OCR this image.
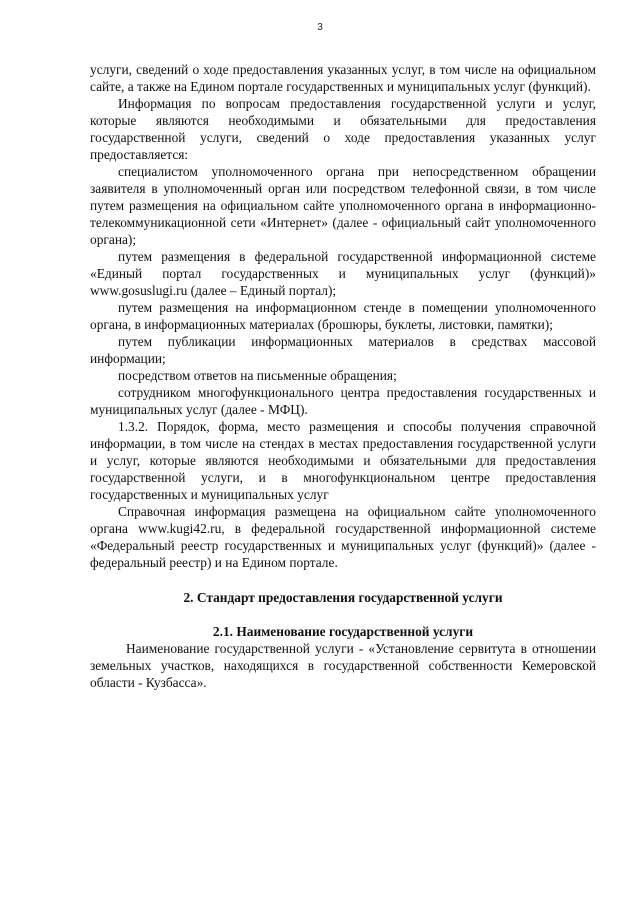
3

услуги, сведений о ходе предоставления указанных услуг, в том числе на официальном сайте, а также на Едином портале государственных и муниципальных услуг (функций).

Информация по вопросам предоставления государственной услуги и услуг, которые являются необходимыми и обязательными для предоставления государственной услуги, сведений о ходе предоставления указанных услуг предоставляется:

специалистом уполномоченного органа при непосредственном обращении заявителя в уполномоченный орган или посредством телефонной связи, в том числе путем размещения на официальном сайте уполномоченного органа в информационно-телекоммуникационной сети «Интернет» (далее - официальный сайт уполномоченного органа);

путем размещения в федеральной государственной информационной системе «Единый портал государственных и муниципальных услуг (функций)» www.gosuslugi.ru (далее – Единый портал);

путем размещения на информационном стенде в помещении уполномоченного органа, в информационных материалах (брошюры, буклеты, листовки, памятки);

путем публикации информационных материалов в средствах массовой информации;

посредством ответов на письменные обращения;

сотрудником многофункционального центра предоставления государственных и муниципальных услуг (далее - МФЦ).

1.3.2. Порядок, форма, место размещения и способы получения справочной информации, в том числе на стендах в местах предоставления государственной услуги и услуг, которые являются необходимыми и обязательными для предоставления государственной услуги, и в многофункциональном центре предоставления государственных и муниципальных услуг

Справочная информация размещена на официальном сайте уполномоченного органа www.kugi42.ru, в федеральной государственной информационной системе «Федеральный реестр государственных и муниципальных услуг (функций)» (далее - федеральный реестр) и на Едином портале.

2. Стандарт предоставления государственной услуги
2.1. Наименование государственной услуги

Наименование государственной услуги - «Установление сервитута в отношении земельных участков, находящихся в государственной собственности Кемеровской области - Кузбасса».
